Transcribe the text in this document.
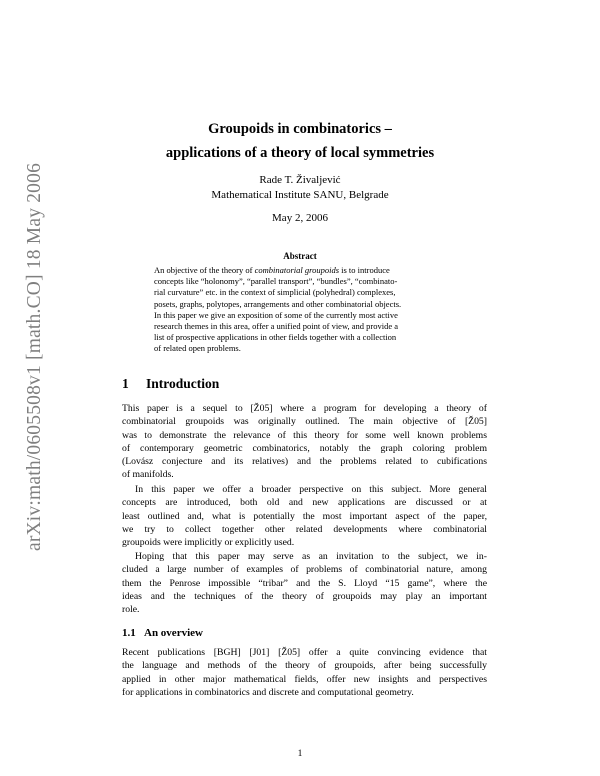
arXiv:math/0605508v1 [math.CO] 18 May 2006
Groupoids in combinatorics –
applications of a theory of local symmetries
Rade T. Živaljević
Mathematical Institute SANU, Belgrade
May 2, 2006
Abstract
An objective of the theory of combinatorial groupoids is to introduce
concepts like “holonomy”, “parallel transport”, “bundles”, “combinato-
rial curvature” etc. in the context of simplicial (polyhedral) complexes,
posets, graphs, polytopes, arrangements and other combinatorial objects.
In this paper we give an exposition of some of the currently most active
research themes in this area, offer a unified point of view, and provide a
list of prospective applications in other fields together with a collection
of related open problems.
1 Introduction
This paper is a sequel to [Ž05] where a program for developing a theory of
combinatorial groupoids was originally outlined. The main objective of [Ž05]
was to demonstrate the relevance of this theory for some well known problems
of contemporary geometric combinatorics, notably the graph coloring problem
(Lovász conjecture and its relatives) and the problems related to cubifications
of manifolds.
In this paper we offer a broader perspective on this subject. More general
concepts are introduced, both old and new applications are discussed or at
least outlined and, what is potentially the most important aspect of the paper,
we try to collect together other related developments where combinatorial
groupoids were implicitly or explicitly used.
Hoping that this paper may serve as an invitation to the subject, we in-
cluded a large number of examples of problems of combinatorial nature, among
them the Penrose impossible “tribar” and the S. Lloyd “15 game”, where the
ideas and the techniques of the theory of groupoids may play an important
role.
1.1 An overview
Recent publications [BGH] [J01] [Ž05] offer a quite convincing evidence that
the language and methods of the theory of groupoids, after being successfully
applied in other major mathematical fields, offer new insights and perspectives
for applications in combinatorics and discrete and computational geometry.
1
